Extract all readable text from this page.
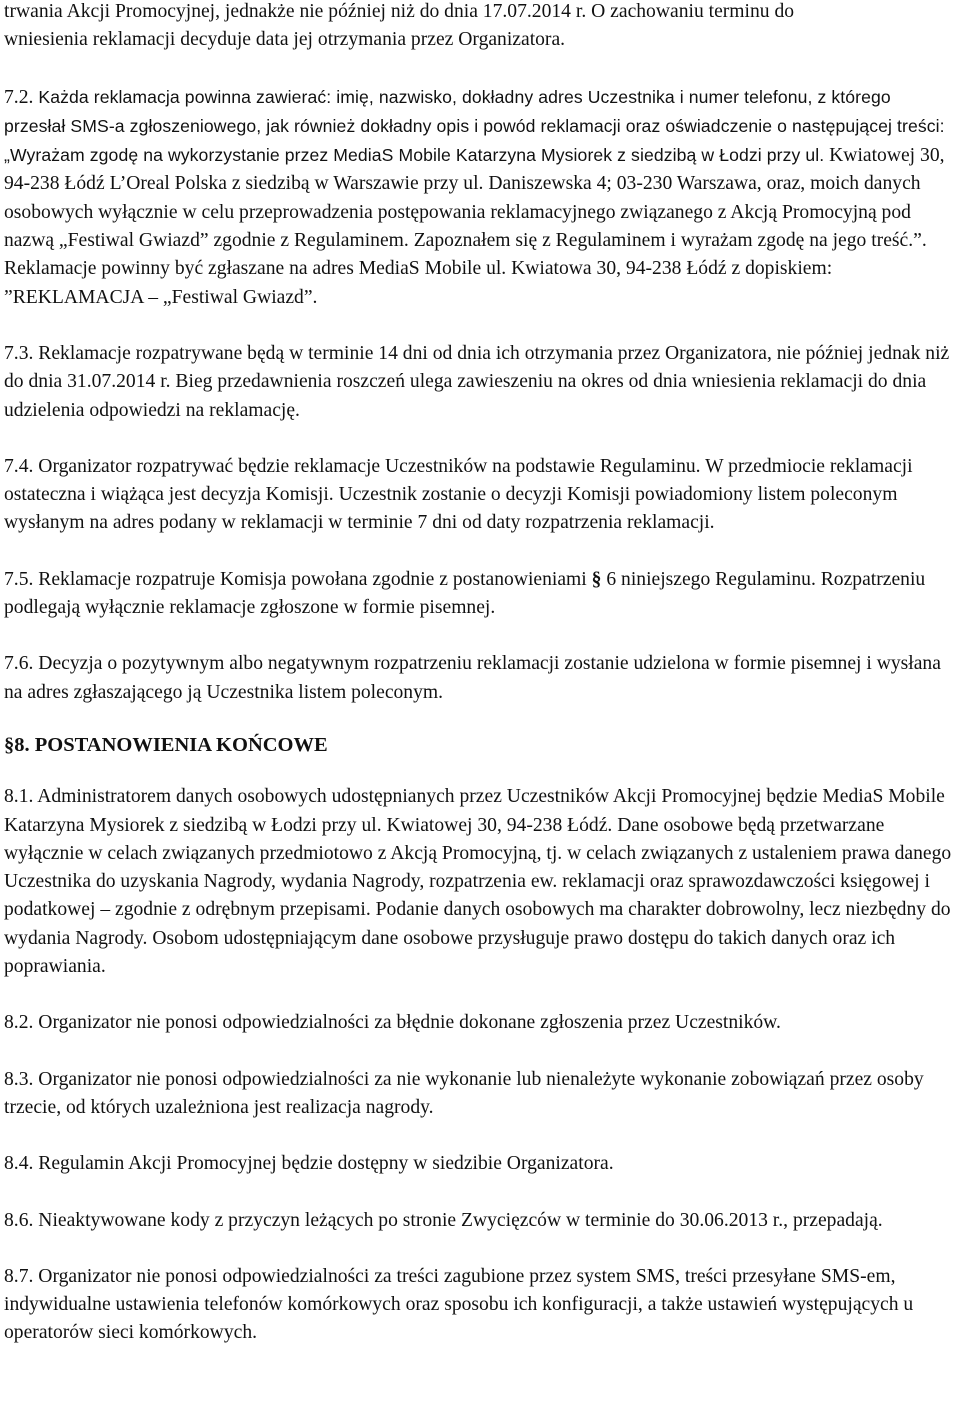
trwania Akcji Promocyjnej, jednakże nie później niż do dnia 17.07.2014 r. O zachowaniu terminu do
wniesienia reklamacji decyduje data jej otrzymania przez Organizatora.

7.2. Każda reklamacja powinna zawierać: imię, nazwisko, dokładny adres Uczestnika i numer telefonu, z którego przesłał SMS-a zgłoszeniowego, jak również dokładny opis i powód reklamacji oraz oświadczenie o następującej treści: „Wyrażam zgodę na wykorzystanie przez MediaS Mobile Katarzyna Mysiorek z siedzibą w Łodzi przy ul. Kwiatowej 30, 94-238 Łódź L’Oreal Polska z siedzibą w Warszawie przy ul. Daniszewska 4; 03-230 Warszawa, oraz, moich danych osobowych wyłącznie w celu przeprowadzenia postępowania reklamacyjnego związanego z Akcją Promocyjną pod nazwą „Festiwal Gwiazd” zgodnie z Regulaminem. Zapoznałem się z Regulaminem i wyrażam zgodę na jego treść.”. Reklamacje powinny być zgłaszane na adres MediaS Mobile ul. Kwiatowa 30, 94-238 Łódź z dopiskiem: ”REKLAMACJA – „Festiwal Gwiazd”.

7.3. Reklamacje rozpatrywane będą w terminie 14 dni od dnia ich otrzymania przez Organizatora, nie później jednak niż do dnia 31.07.2014 r. Bieg przedawnienia roszczeń ulega zawieszeniu na okres od dnia wniesienia reklamacji do dnia udzielenia odpowiedzi na reklamację.

7.4. Organizator rozpatrywać będzie reklamacje Uczestników na podstawie Regulaminu. W przedmiocie reklamacji ostateczna i wiążąca jest decyzja Komisji. Uczestnik zostanie o decyzji Komisji powiadomiony listem poleconym wysłanym na adres podany w reklamacji w terminie 7 dni od daty rozpatrzenia reklamacji.

7.5. Reklamacje rozpatruje Komisja powołana zgodnie z postanowieniami § 6 niniejszego Regulaminu. Rozpatrzeniu podlegają wyłącznie reklamacje zgłoszone w formie pisemnej.

7.6. Decyzja o pozytywnym albo negatywnym rozpatrzeniu reklamacji zostanie udzielona w formie pisemnej i wysłana na adres zgłaszającego ją Uczestnika listem poleconym.

§8. POSTANOWIENIA KOŃCOWE

8.1. Administratorem danych osobowych udostępnianych przez Uczestników Akcji Promocyjnej będzie MediaS Mobile Katarzyna Mysiorek z siedzibą w Łodzi przy ul. Kwiatowej 30, 94-238 Łódź. Dane osobowe będą przetwarzane wyłącznie w celach związanych przedmiotowo z Akcją Promocyjną, tj. w celach związanych z ustaleniem prawa danego Uczestnika do uzyskania Nagrody, wydania Nagrody, rozpatrzenia ew. reklamacji oraz sprawozdawczości księgowej i podatkowej – zgodnie z odrębnym przepisami. Podanie danych osobowych ma charakter dobrowolny, lecz niezbędny do wydania Nagrody. Osobom udostępniającym dane osobowe przysługuje prawo dostępu do takich danych oraz ich poprawiania.

8.2. Organizator nie ponosi odpowiedzialności za błędnie dokonane zgłoszenia przez Uczestników.

8.3. Organizator nie ponosi odpowiedzialności za nie wykonanie lub nienależyte wykonanie zobowiązań przez osoby trzecie, od których uzależniona jest realizacja nagrody.

8.4. Regulamin Akcji Promocyjnej będzie dostępny w siedzibie Organizatora.

8.6. Nieaktywowane kody z przyczyn leżących po stronie Zwycięzców w terminie do 30.06.2013 r., przepadają.

8.7. Organizator nie ponosi odpowiedzialności za treści zagubione przez system SMS, treści przesyłane SMS-em, indywidualne ustawienia telefonów komórkowych oraz sposobu ich konfiguracji, a także ustawień występujących u operatorów sieci komórkowych.
